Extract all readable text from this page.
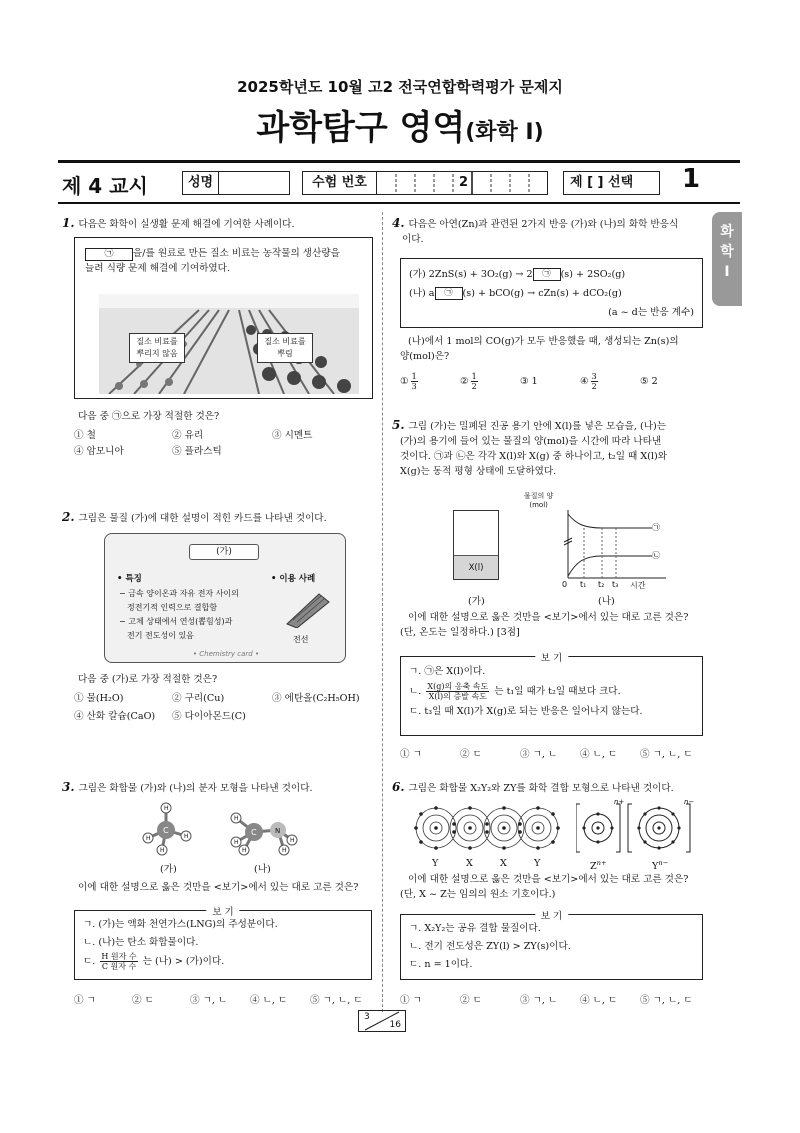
2025학년도 10월 고2 전국연합학력평가 문제지
과학탐구 영역(화학 Ⅰ)
제 4 교시	성명	수험 번호	2	제 [ ] 선택	1
화
학
Ⅰ
1. 다음은 화학이 실생활 문제 해결에 기여한 사례이다.
㉠ 을/를 원료로 만든 질소 비료는 농작물의 생산량을
늘려 식량 문제 해결에 기여하였다.
질소 비료를
뿌리지 않음
질소 비료를
뿌림
다음 중 ㉠으로 가장 적절한 것은?
① 철	② 유리	③ 시멘트
④ 암모니아	⑤ 플라스틱
2. 그림은 물질 (가)에 대한 설명이 적힌 카드를 나타낸 것이다.
(가)
• 특징
− 금속 양이온과 자유 전자 사이의
정전기적 인력으로 결합함
− 고체 상태에서 연성(뽑힘성)과
전기 전도성이 있음
• 이용 사례
전선
• Chemistry card •
다음 중 (가)로 가장 적절한 것은?
① 물(H₂O)	② 구리(Cu)	③ 에탄올(C₂H₅OH)
④ 산화 칼슘(CaO) ⑤ 다이아몬드(C)
3. 그림은 화합물 (가)와 (나)의 분자 모형을 나타낸 것이다.
C
H
H	H
H
C	N
H
H
H
H
H
(가)	(나)
이에 대한 설명으로 옳은 것만을 <보기>에서 있는 대로 고른 것은?
보 기
ㄱ. (가)는 액화 천연가스(LNG)의 주성분이다.
ㄴ. (나)는 탄소 화합물이다.
ㄷ. $\frac{\text{H 원자 수}}{\text{C 원자 수}}$ 는 (나) > (가)이다.
① ㄱ	② ㄷ	③ ㄱ, ㄴ ④ ㄴ, ㄷ ⑤ ㄱ, ㄴ, ㄷ
4. 다음은 아연(Zn)과 관련된 2가지 반응 (가)와 (나)의 화학 반응식
이다.
(가) 2ZnS(s) + 3O₂(g) → 2 ㉠ (s) + 2SO₂(g)
(나) a ㉠ (s) + bCO(g) → cZn(s) + dCO₂(g)
(a ~ d는 반응 계수)
(나)에서 1 mol의 CO(g)가 모두 반응했을 때, 생성되는 Zn(s)의
양(mol)은?
① $\frac{1}{3}$	② $\frac{1}{2}$	③ 1	④ $\frac{3}{2}$	⑤ 2
5. 그림 (가)는 밀폐된 진공 용기 안에 X(l)를 넣은 모습을, (나)는
(가)의 용기에 들어 있는 물질의 양(mol)을 시간에 따라 나타낸
것이다. ㉠과 ㉡은 각각 X(l)와 X(g) 중 하나이고, t₂일 때 X(l)와
X(g)는 동적 평형 상태에 도달하였다.
X(l)
물질의 양
(mol)
㉠
㉡
0 t₁ t₂ t₃ 시간
(가)	(나)
이에 대한 설명으로 옳은 것만을 <보기>에서 있는 대로 고른 것은?
(단, 온도는 일정하다.) [3점]
보 기
ㄱ. ㉠은 X(l)이다.
ㄴ. $\frac{\text{X(g)의 응축 속도}}{\text{X(l)의 증발 속도}}$ 는 t₁일 때가 t₂일 때보다 크다.
ㄷ. t₃일 때 X(l)가 X(g)로 되는 반응은 일어나지 않는다.
① ㄱ	② ㄷ	③ ㄱ, ㄴ ④ ㄴ, ㄷ ⑤ ㄱ, ㄴ, ㄷ
6. 그림은 화합물 X₂Y₂와 ZY를 화학 결합 모형으로 나타낸 것이다.
Y	X	X	Y
n+	n−
$Z^{n+}$	$Y^{n-}$
이에 대한 설명으로 옳은 것만을 <보기>에서 있는 대로 고른 것은?
(단, X ~ Z는 임의의 원소 기호이다.)
보 기
ㄱ. X₂Y₂는 공유 결합 물질이다.
ㄴ. 전기 전도성은 ZY(l) > ZY(s)이다.
ㄷ. n = 1이다.
① ㄱ	② ㄷ	③ ㄱ, ㄴ ④ ㄴ, ㄷ ⑤ ㄱ, ㄴ, ㄷ
3
16
